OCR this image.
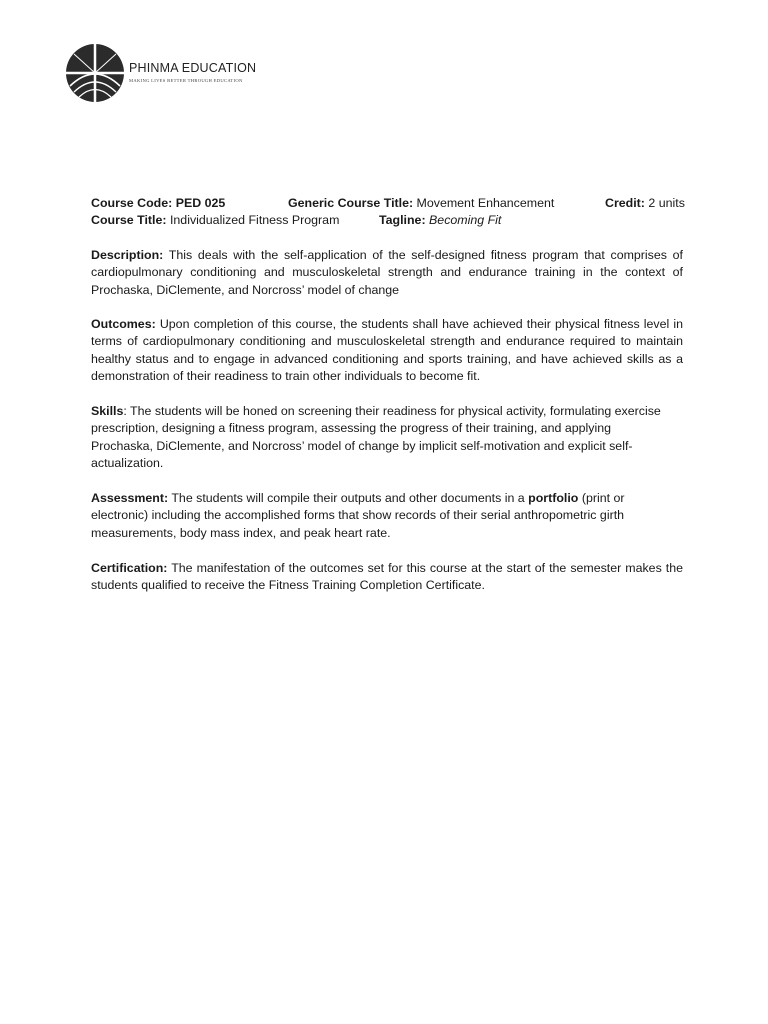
PHINMA EDUCATION
MAKING LIVES BETTER THROUGH EDUCATION
Course Code: PED 025	Generic Course Title: Movement Enhancement	Credit: 2 units
Course Title: Individualized Fitness Program	Tagline: Becoming Fit

Description: This deals with the self-application of the self-designed fitness program that comprises of cardiopulmonary conditioning and musculoskeletal strength and endurance training in the context of Prochaska, DiClemente, and Norcross’ model of change

Outcomes: Upon completion of this course, the students shall have achieved their physical fitness level in terms of cardiopulmonary conditioning and musculoskeletal strength and endurance required to maintain healthy status and to engage in advanced conditioning and sports training, and have achieved skills as a demonstration of their readiness to train other individuals to become fit.

Skills: The students will be honed on screening their readiness for physical activity, formulating exercise prescription, designing a fitness program, assessing the progress of their training, and applying Prochaska, DiClemente, and Norcross’ model of change by implicit self-motivation and explicit self-actualization.

Assessment: The students will compile their outputs and other documents in a portfolio (print or electronic) including the accomplished forms that show records of their serial anthropometric girth measurements, body mass index, and peak heart rate.

Certification: The manifestation of the outcomes set for this course at the start of the semester makes the students qualified to receive the Fitness Training Completion Certificate.
